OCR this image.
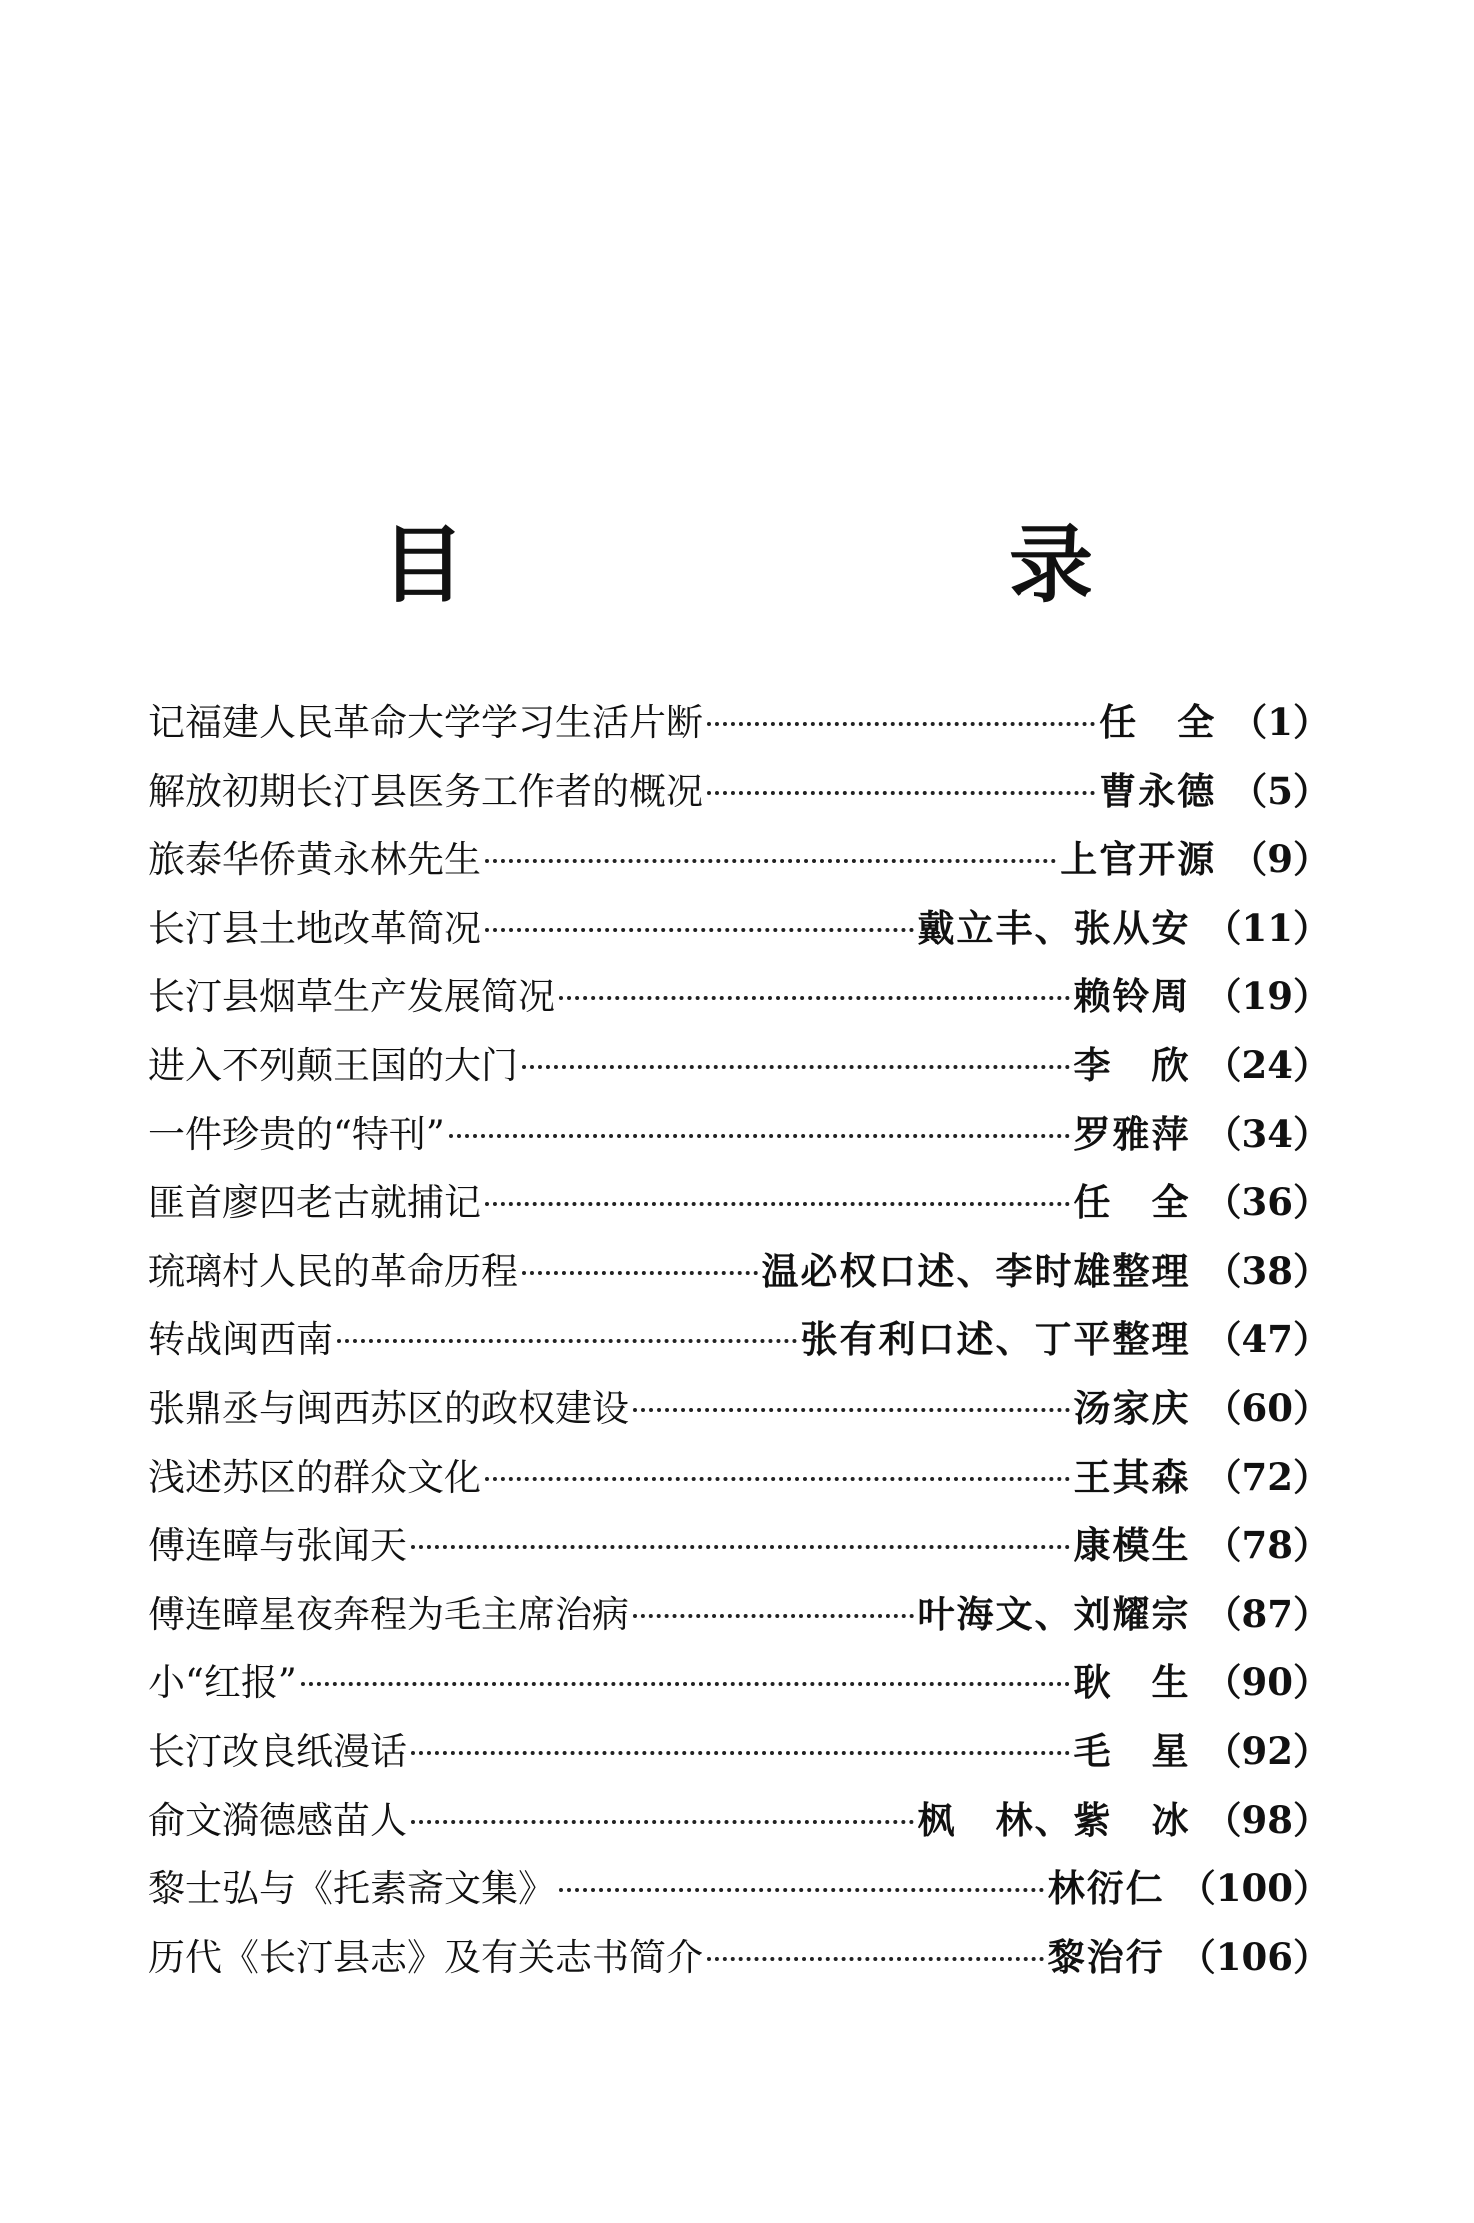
目　录
记福建人民革命大学学习生活片断	任　全 （1）
解放初期长汀县医务工作者的概况	曹永德 （5）
旅泰华侨黄永林先生	上官开源 （9）
长汀县土地改革简况	戴立丰、张从安 （11）
长汀县烟草生产发展简况	赖铃周 （19）
进入不列颠王国的大门	李　欣 （24）
一件珍贵的“特刊”	罗雅萍 （34）
匪首廖四老古就捕记	任　全 （36）
琉璃村人民的革命历程	温必权口述、李时雄整理 （38）
转战闽西南	张有利口述、丁平整理 （47）
张鼎丞与闽西苏区的政权建设	汤家庆 （60）
浅述苏区的群众文化	王其森 （72）
傅连暲与张闻天	康模生 （78）
傅连暲星夜奔程为毛主席治病	叶海文、刘耀宗 （87）
小“红报”	耿　生 （90）
长汀改良纸漫话	毛　星 （92）
俞文漪德感苗人	枫　林、紫　冰 （98）
黎士弘与《托素斋文集》	林衍仁 （100）
历代《长汀县志》及有关志书简介	黎治行 （106）
